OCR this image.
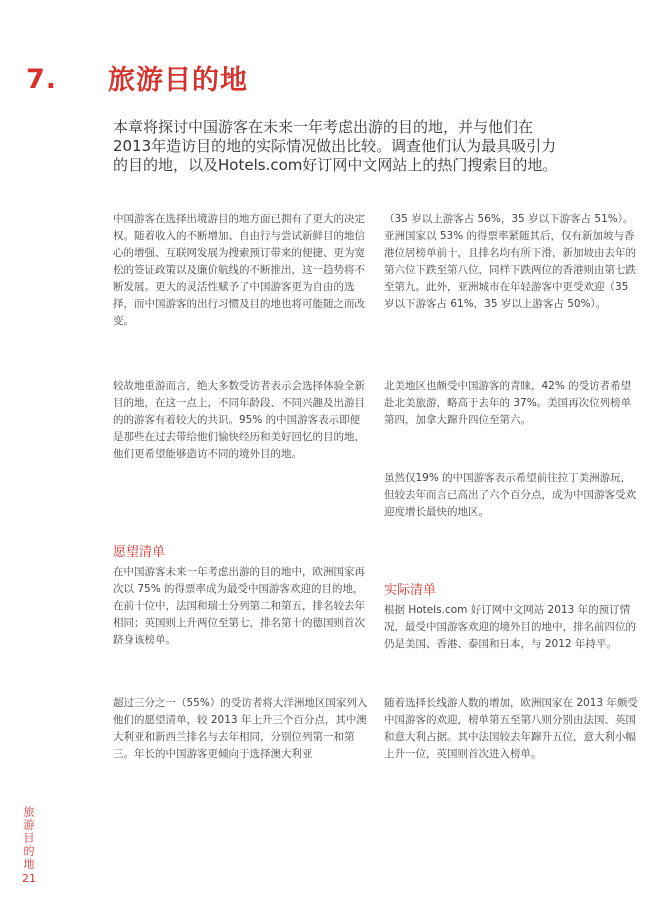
7. 旅游目的地

本章将探讨中国游客在未来一年考虑出游的目的地，并与他们在2013年造访目的地的实际情况做出比较。调查他们认为最具吸引力的目的地，以及Hotels.com好订网中文网站上的热门搜索目的地。

中国游客在选择出境游目的地方面已拥有了更大的决定权。随着收入的不断增加、自由行与尝试新鲜目的地信心的增强、互联网发展为搜索预订带来的便捷、更为宽松的签证政策以及廉价航线的不断推出，这一趋势将不断发展。更大的灵活性赋予了中国游客更为自由的选择，而中国游客的出行习惯及目的地也将可能随之而改变。

较故地重游而言，绝大多数受访者表示会选择体验全新目的地，在这一点上，不同年龄段、不同兴趣及出游目的的游客有着较大的共识。95% 的中国游客表示即便是那些在过去带给他们愉快经历和美好回忆的目的地，他们更希望能够造访不同的境外目的地。

愿望清单

在中国游客未来一年考虑出游的目的地中，欧洲国家再次以 75% 的得票率成为最受中国游客欢迎的目的地，在前十位中，法国和瑞士分列第二和第五，排名较去年相同；英国则上升两位至第七，排名第十的德国则首次跻身该榜单。

超过三分之一（55%）的受访者将大洋洲地区国家列入他们的愿望清单，较 2013 年上升三个百分点，其中澳大利亚和新西兰排名与去年相同，分别位列第一和第三。年长的中国游客更倾向于选择澳大利亚

（35 岁以上游客占 56%，35 岁以下游客占 51%）。亚洲国家以 53% 的得票率紧随其后，仅有新加坡与香港位居榜单前十，且排名均有所下滑，新加坡由去年的第六位下跌至第八位，同样下跌两位的香港则由第七跌至第九。此外，亚洲城市在年轻游客中更受欢迎（35 岁以下游客占 61%，35 岁以上游客占 50%）。

北美地区也颇受中国游客的青睐，42% 的受访者希望赴北美旅游，略高于去年的 37%。美国再次位列榜单第四，加拿大蹿升四位至第六。

虽然仅19% 的中国游客表示希望前往拉丁美洲游玩，但较去年而言已高出了六个百分点，成为中国游客受欢迎度增长最快的地区。

实际清单

根据 Hotels.com 好订网中文网站 2013 年的预订情况，最受中国游客欢迎的境外目的地中，排名前四位的仍是美国、香港、泰国和日本，与 2012 年持平。

随着选择长线游人数的增加，欧洲国家在 2013 年颇受中国游客的欢迎，榜单第五至第八则分别由法国、英国和意大利占据。其中法国较去年蹿升五位，意大利小幅上升一位，英国则首次进入榜单。

旅游目的地
21
